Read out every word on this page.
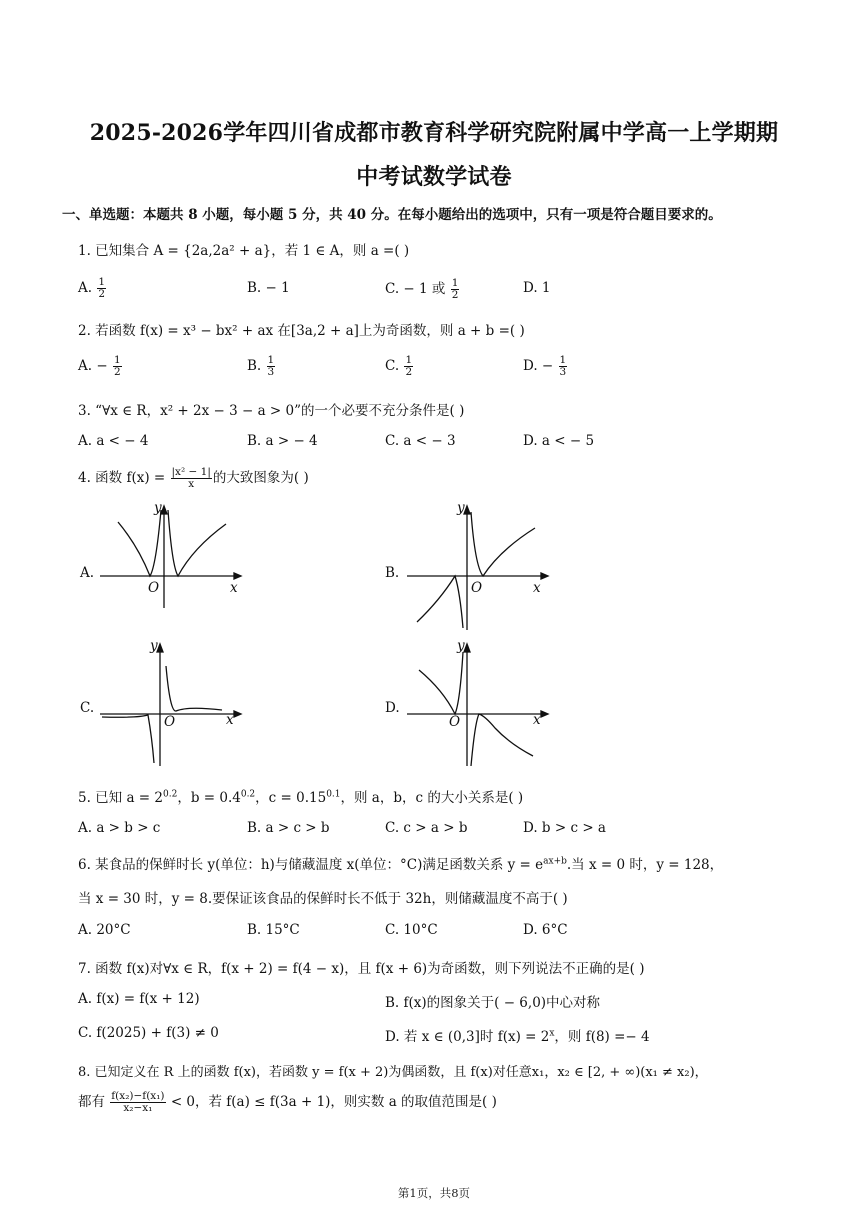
2025-2026学年四川省成都市教育科学研究院附属中学高一上学期期
中考试数学试卷
一、单选题：本题共 8 小题，每小题 5 分，共 40 分。在每小题给出的选项中，只有一项是符合题目要求的。
1. 已知集合 A = {2a,2a² + a}，若 1 ∈ A，则 a =( )
A. $\frac{1}{2}$	B. − 1	C. − 1 或 $\frac{1}{2}$	D. 1
2. 若函数 f(x) = x³ − bx² + ax 在[3a,2 + a]上为奇函数，则 a + b =( )
A. − $\frac{1}{2}$	B. $\frac{1}{3}$	C. $\frac{1}{2}$	D. − $\frac{1}{3}$
3. “∀x ∈ R，x² + 2x − 3 − a > 0”的一个必要不充分条件是( )
A. a < − 4	B. a > − 4	C. a < − 3	D. a < − 5
4. 函数 $f(x) = \frac{\text{|x² − 1|}}{x}$ 的大致图象为( )
A.
y
x
O
B.
y
x
O
C.
y
x
O
D.
y
x
O
5. 已知 $a = 2^{0.2}$，$b = 0.4^{0.2}$，$c = 0.15^{0.1}$，则 a，b，c 的大小关系是( )
A. a > b > c	B. a > c > b	C. c > a > b	D. b > c > a
6. 某食品的保鲜时长 y(单位：h)与储藏温度 x(单位：°C)满足函数关系 $y = e^{ax+b}$.当 x = 0 时，y = 128，
当 x = 30 时，y = 8.要保证该食品的保鲜时长不低于 32h，则储藏温度不高于( )
A. 20°C	B. 15°C	C. 10°C	D. 6°C
7. 函数 f(x)对∀x ∈ R，f(x + 2) = f(4 − x)，且 f(x + 6)为奇函数，则下列说法不正确的是( )
A. f(x) = f(x + 12)	B. f(x)的图象关于( − 6,0)中心对称
C. f(2025) + f(3) ≠ 0	D. 若 x ∈ (0,3]时 $f(x) = 2^x$，则 f(8) =− 4
8. 已知定义在 R 上的函数 f(x)，若函数 y = f(x + 2)为偶函数，且 f(x)对任意x₁，x₂ ∈ [2, + ∞)(x₁ ≠ x₂)，
都有 $\frac{\text{f(x₂)−f(x₁)}}{\text{x₂−x₁}} < 0$，若 f(a) ≤ f(3a + 1)，则实数 a 的取值范围是( )
第1页，共8页
